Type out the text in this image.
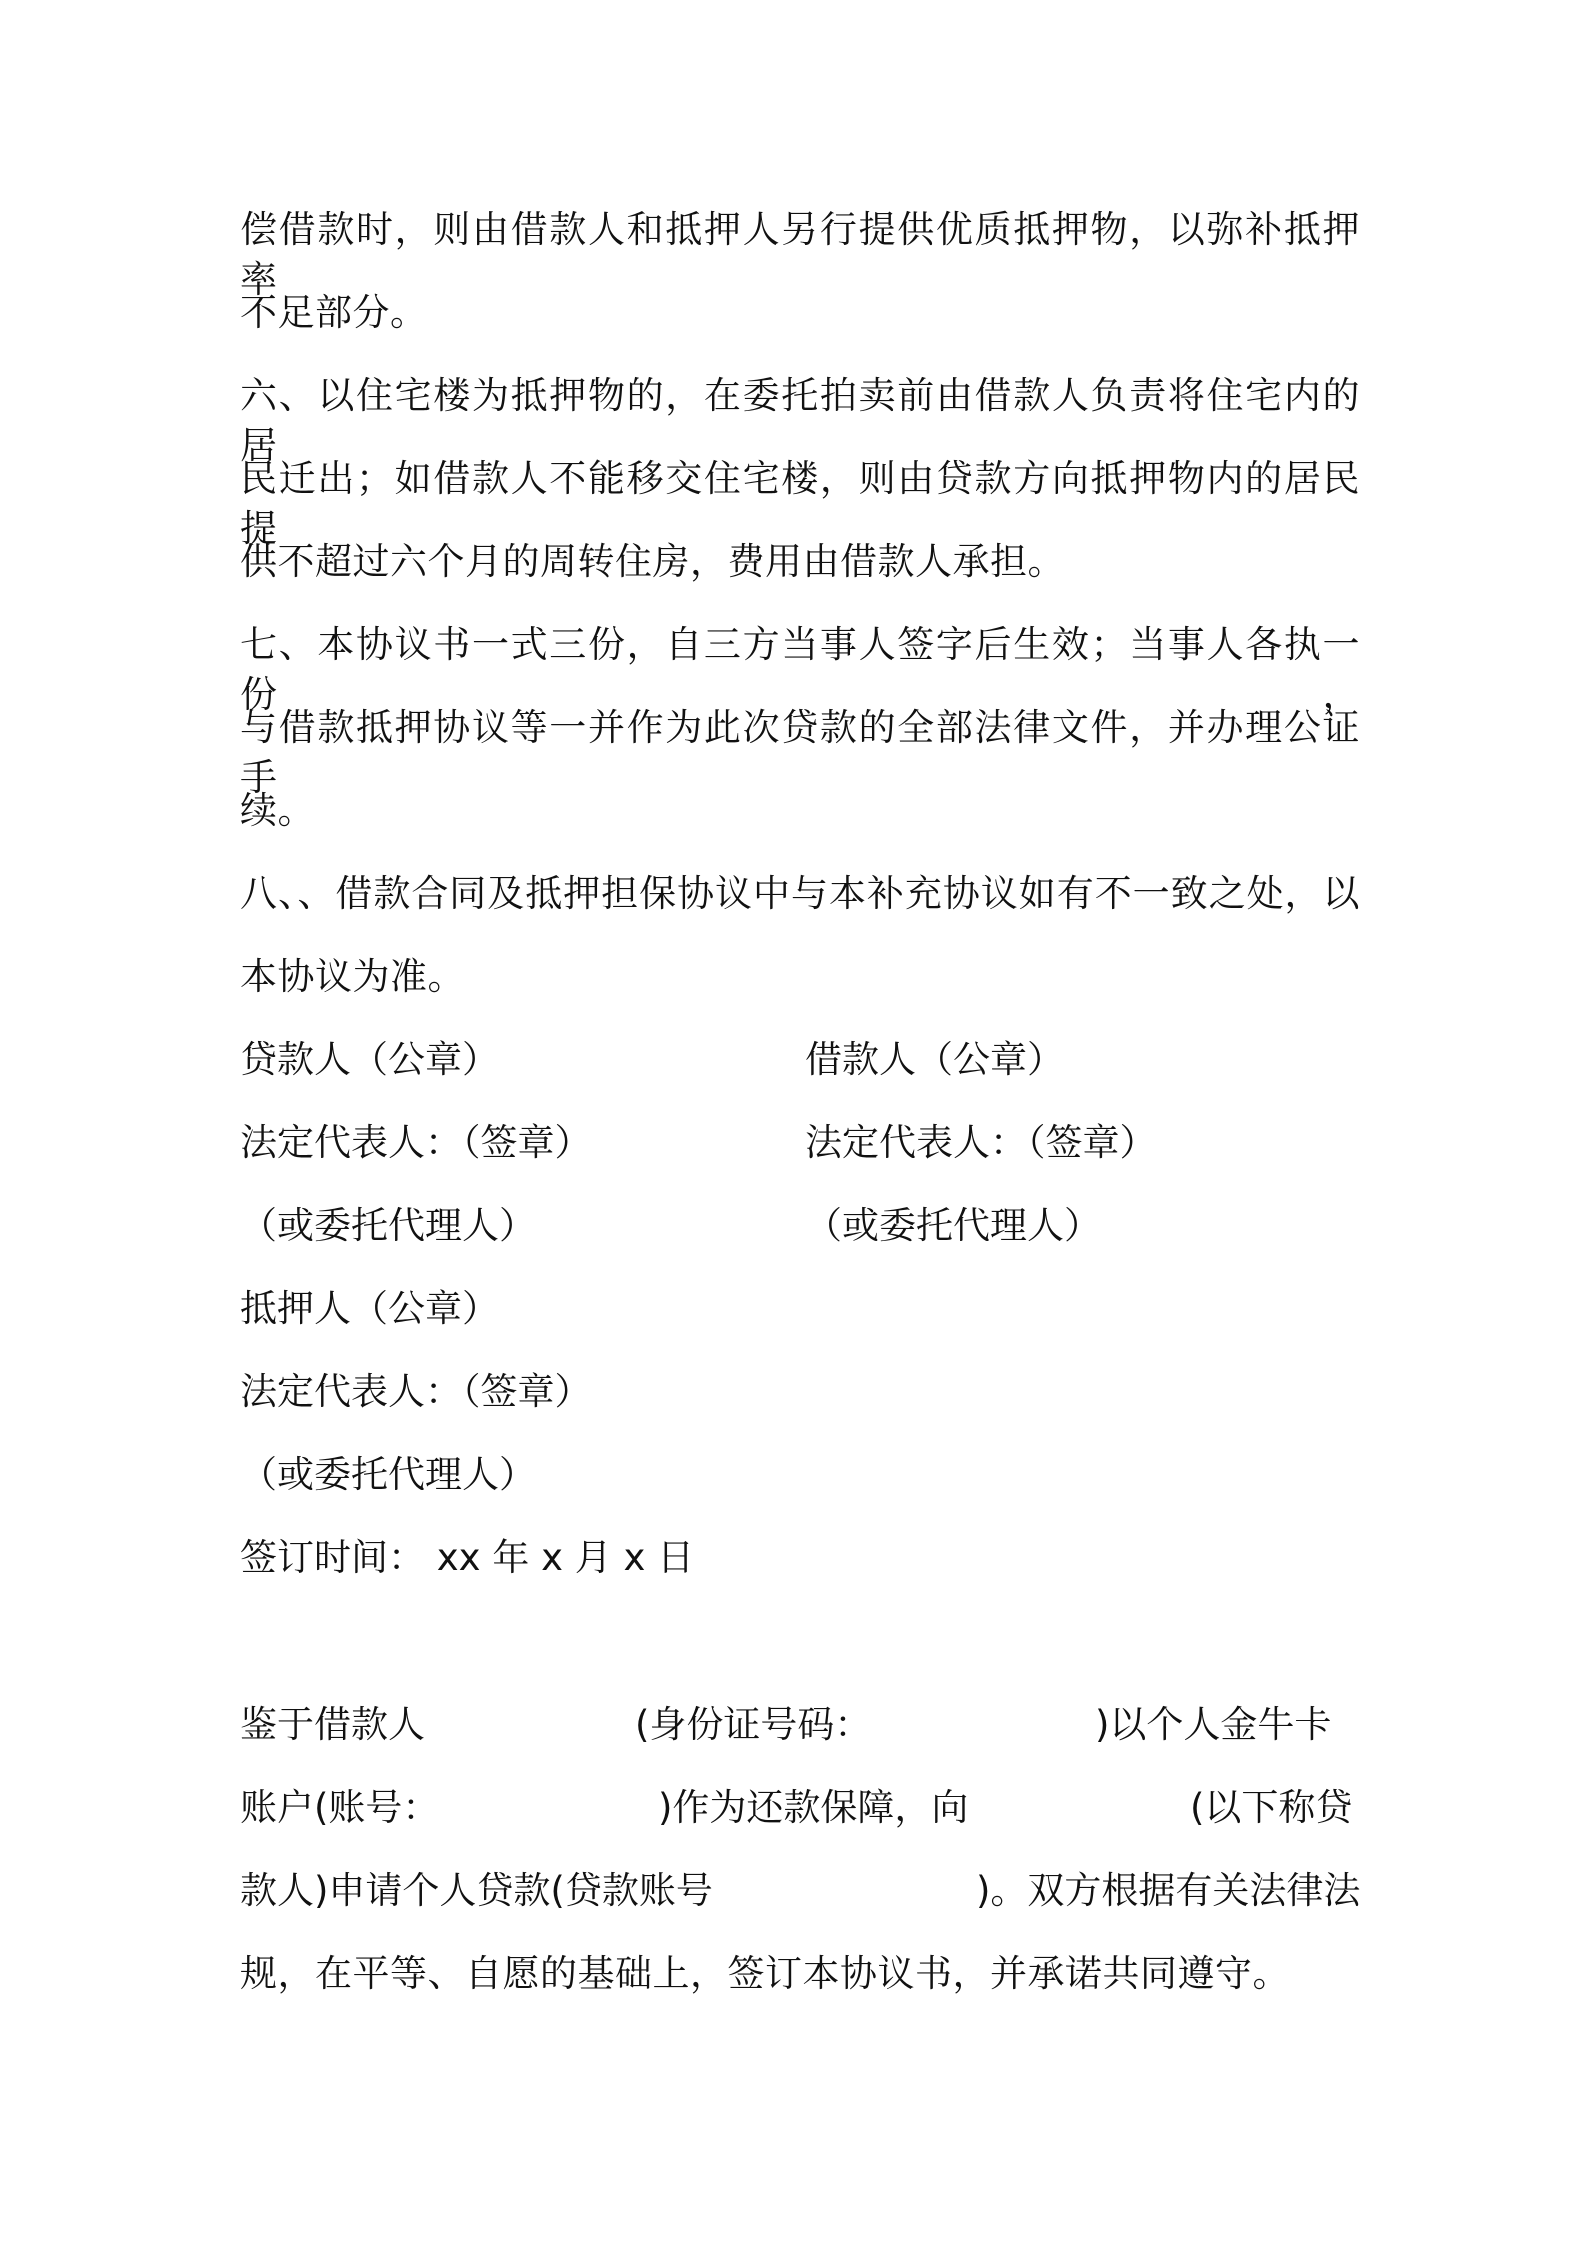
偿借款时，则由借款人和抵押人另行提供优质抵押物，以弥补抵押率
不足部分。
六、以住宅楼为抵押物的，在委托拍卖前由借款人负责将住宅内的居
民迁出；如借款人不能移交住宅楼，则由贷款方向抵押物内的居民提
供不超过六个月的周转住房，费用由借款人承担。
七、本协议书一式三份，自三方当事人签字后生效；当事人各执一份，
与借款抵押协议等一并作为此次贷款的全部法律文件，并办理公证手
续。
八、、借款合同及抵押担保协议中与本补充协议如有不一致之处，以
本协议为准。
贷款人（公章）	借款人（公章）
法定代表人：（签章）	法定代表人：（签章）
（或委托代理人）	（或委托代理人）
抵押人（公章）
法定代表人：（签章）
（或委托代理人）
签订时间： xx 年 x 月 x 日
鉴于借款人	(身份证号码：	)以个人金牛卡
账户(账号：	)作为还款保障，向	(以下称贷
款人)申请个人贷款(贷款账号	)。双方根据有关法律法
规，在平等、自愿的基础上，签订本协议书，并承诺共同遵守。
